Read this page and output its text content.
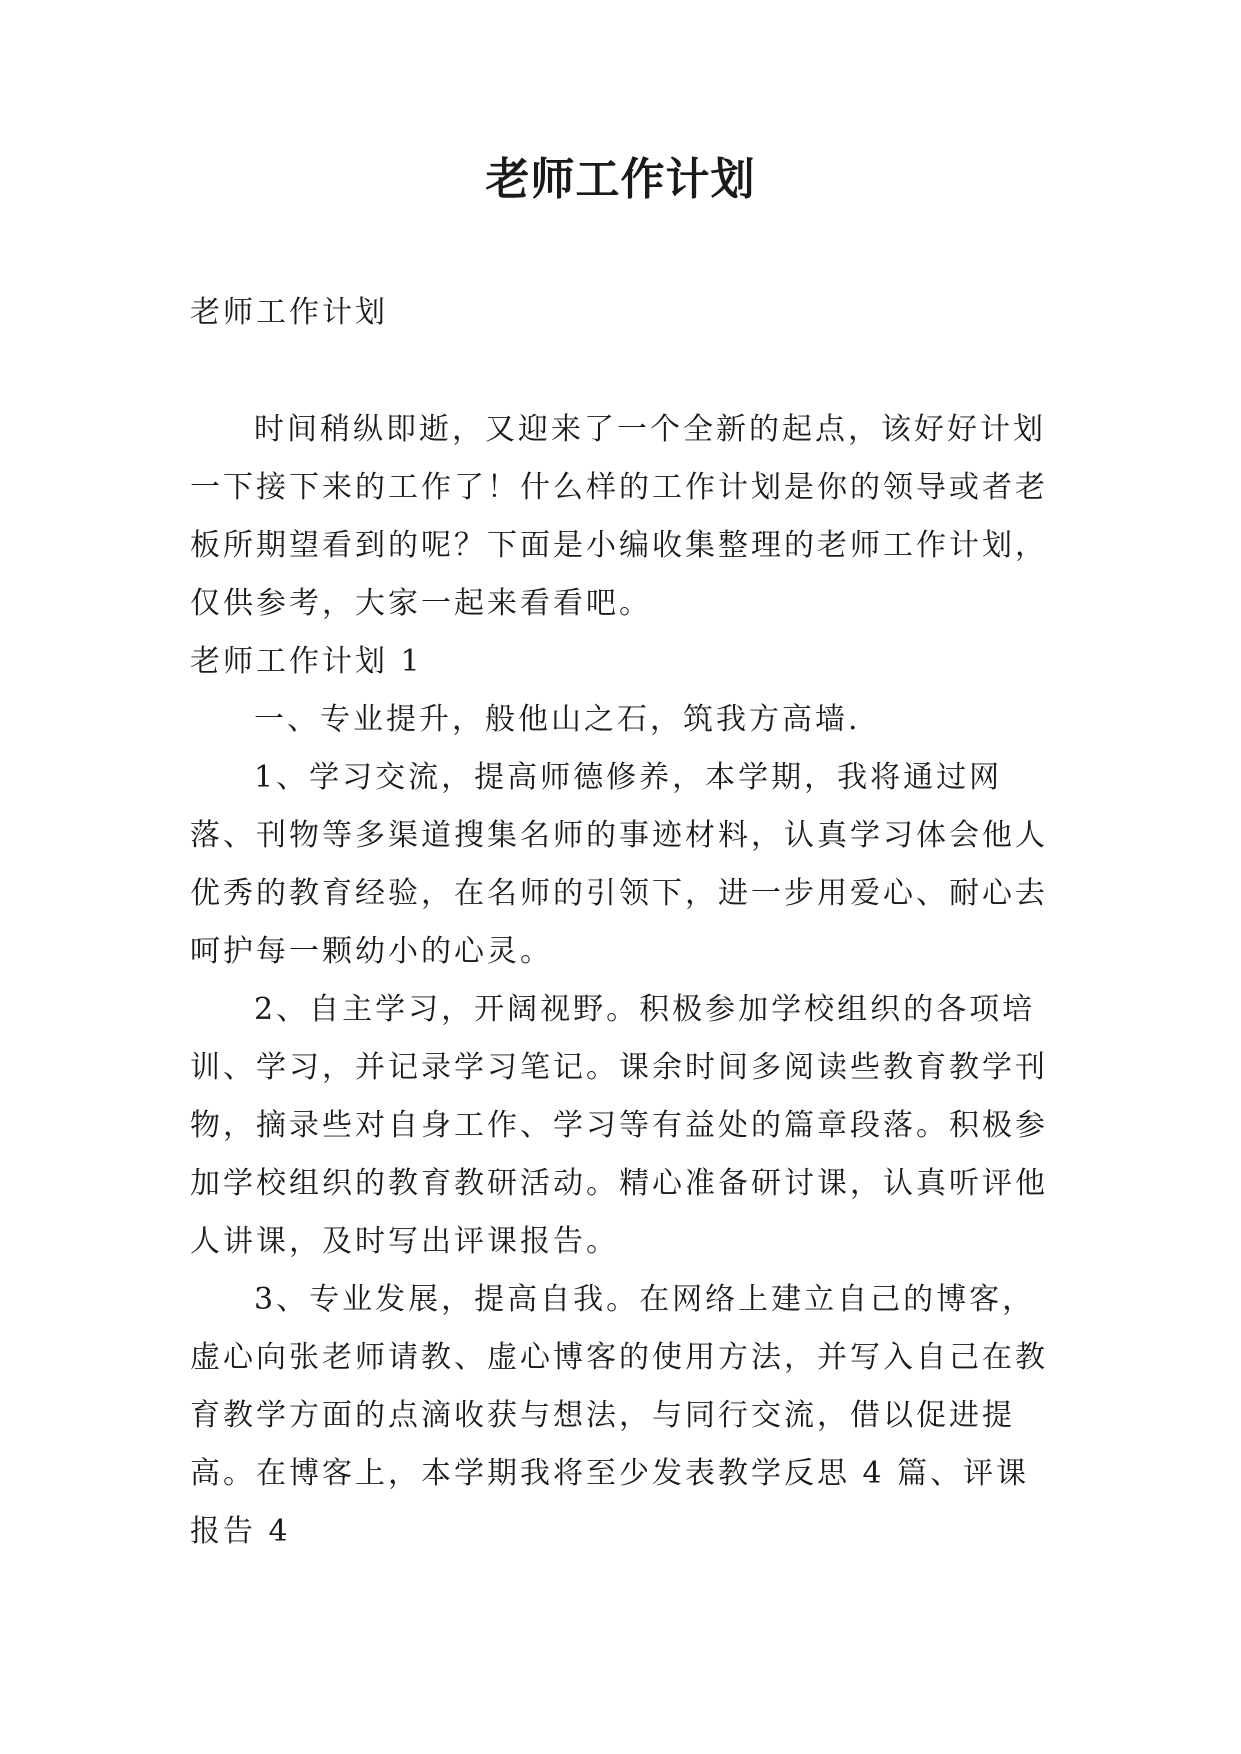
老师工作计划

老师工作计划

时间稍纵即逝，又迎来了一个全新的起点，该好好计划一下接下来的工作了！什么样的工作计划是你的领导或者老板所期望看到的呢？下面是小编收集整理的老师工作计划，仅供参考，大家一起来看看吧。

老师工作计划 1

一、专业提升，般他山之石，筑我方高墙.

1、学习交流，提高师德修养，本学期，我将通过网落、刊物等多渠道搜集名师的事迹材料，认真学习体会他人优秀的教育经验，在名师的引领下，进一步用爱心、耐心去呵护每一颗幼小的心灵。

2、自主学习，开阔视野。积极参加学校组织的各项培训、学习，并记录学习笔记。课余时间多阅读些教育教学刊物，摘录些对自身工作、学习等有益处的篇章段落。积极参加学校组织的教育教研活动。精心准备研讨课，认真听评他人讲课，及时写出评课报告。

3、专业发展，提高自我。在网络上建立自己的博客，虚心向张老师请教、虚心博客的使用方法，并写入自己在教育教学方面的点滴收获与想法，与同行交流，借以促进提高。在博客上，本学期我将至少发表教学反思 4 篇、评课报告 4
